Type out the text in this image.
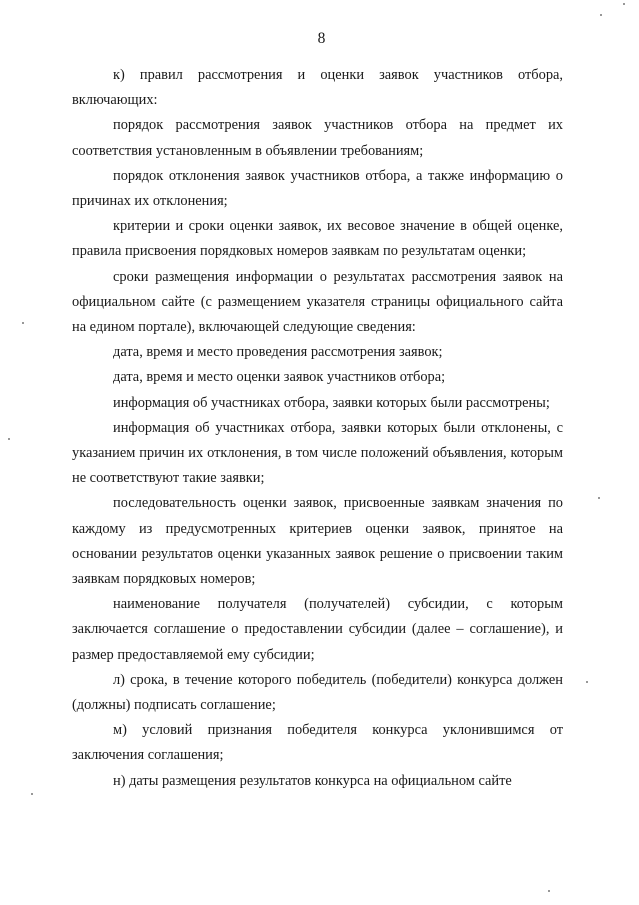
8

к) правил рассмотрения и оценки заявок участников отбора, включающих:

порядок рассмотрения заявок участников отбора на предмет их соответствия установленным в объявлении требованиям;

порядок отклонения заявок участников отбора, а также информацию о причинах их отклонения;

критерии и сроки оценки заявок, их весовое значение в общей оценке, правила присвоения порядковых номеров заявкам по результатам оценки;

сроки размещения информации о результатах рассмотрения заявок на официальном сайте (с размещением указателя страницы официального сайта на едином портале), включающей следующие сведения:

дата, время и место проведения рассмотрения заявок;

дата, время и место оценки заявок участников отбора;

информация об участниках отбора, заявки которых были рассмотрены;

информация об участниках отбора, заявки которых были отклонены, с указанием причин их отклонения, в том числе положений объявления, которым не соответствуют такие заявки;

последовательность оценки заявок, присвоенные заявкам значения по каждому из предусмотренных критериев оценки заявок, принятое на основании результатов оценки указанных заявок решение о присвоении таким заявкам порядковых номеров;

наименование получателя (получателей) субсидии, с которым заключается соглашение о предоставлении субсидии (далее – соглашение), и размер предоставляемой ему субсидии;

л) срока, в течение которого победитель (победители) конкурса должен (должны) подписать соглашение;

м) условий признания победителя конкурса уклонившимся от заключения соглашения;

н) даты размещения результатов конкурса на официальном сайте
